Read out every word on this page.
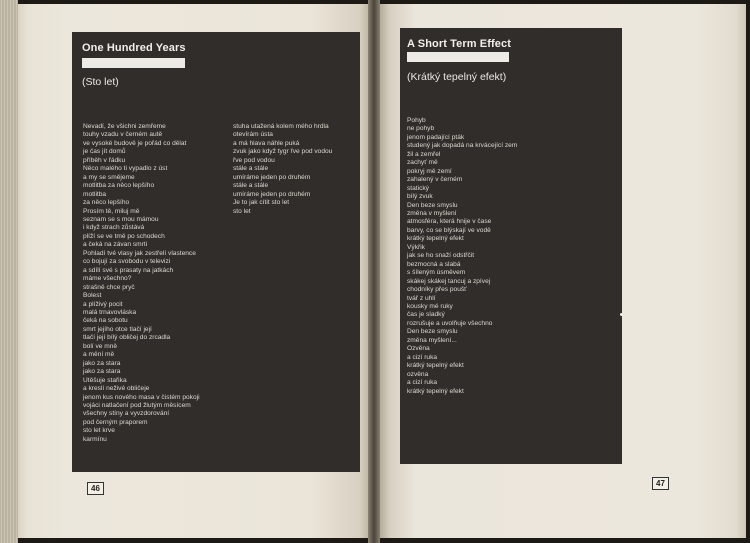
One Hundred Years
(Sto let)
Nevadí, že všichni zemřeme
touhy vzadu v černém autě
ve vysoké budově je pořád co dělat
je čas jít domů
příběh v řádku
Něco malého ti vypadlo z úst
a my se smějeme
motlitba za něco lepšího
motlitba
za něco lepšího
Prosím tě, miluj mě
seznam se s mou mámou
i když strach zůstává
plíží se ve tmě po schodech
a čeká na závan smrti
Pohladí tvé vlasy jak zestřelí vlastence
co bojují za svobodu v televizi
a sdílí své s prasaty na jatkách
máme všechno?
strašně chce pryč
Bolest
a plíživý pocit
malá trnavovláska
čeká na sobotu
smrt jejího otce tlačí její
tlačí její bílý obličej do zrcadla
bolí ve mně
a mění mě
jako za stara
jako za stara
Utěšuje stařika
a kreslí neživé obličeje
jenom kus nového masa v čistém pokoji
vojáci natlačení pod žlutým měsícem
všechny stíny a vyvzdorování
pod černým praporem
sto let krve
karmínu
stuha utažená kolem mého hrdla
otevírám ústa
a má hlava náhle puká
zvuk jako když tygr řve pod vodou
řve pod vodou
stále a stále
umíráme jeden po druhém
stále a stále
umíráme jeden po druhém
Je to jak cítit sto let
sto let
A Short Term Effect
(Krátký tepelný efekt)
Pohyb
ne pohyb
jenom padající pták
studený jak dopadá na krvácející zem
žil a zemřel
zachyť mě
pokryj mě zemí
zahalený v černém
statický
bílý zvuk
Den beze smyslu
změna v myšlení
atmosféra, která hnije v čase
barvy, co se blýskají ve vodě
krátký tepelný efekt
Výkřik
jak se ho snaží odstřčit
bezmocná a slabá
s šíleným úsměvem
skákej skákej tancuj a zpívej
chodníky přes poušť
tvář z uhlí
kousky mé ruky
čas je sladký
rozrušuje a uvolňuje všechno
Den beze smyslu
změna myšlení...
Ozvěna
a cizí ruka
krátký tepelný efekt
ozvěna
a cizí ruka
krátký tepelný efekt
46
47
